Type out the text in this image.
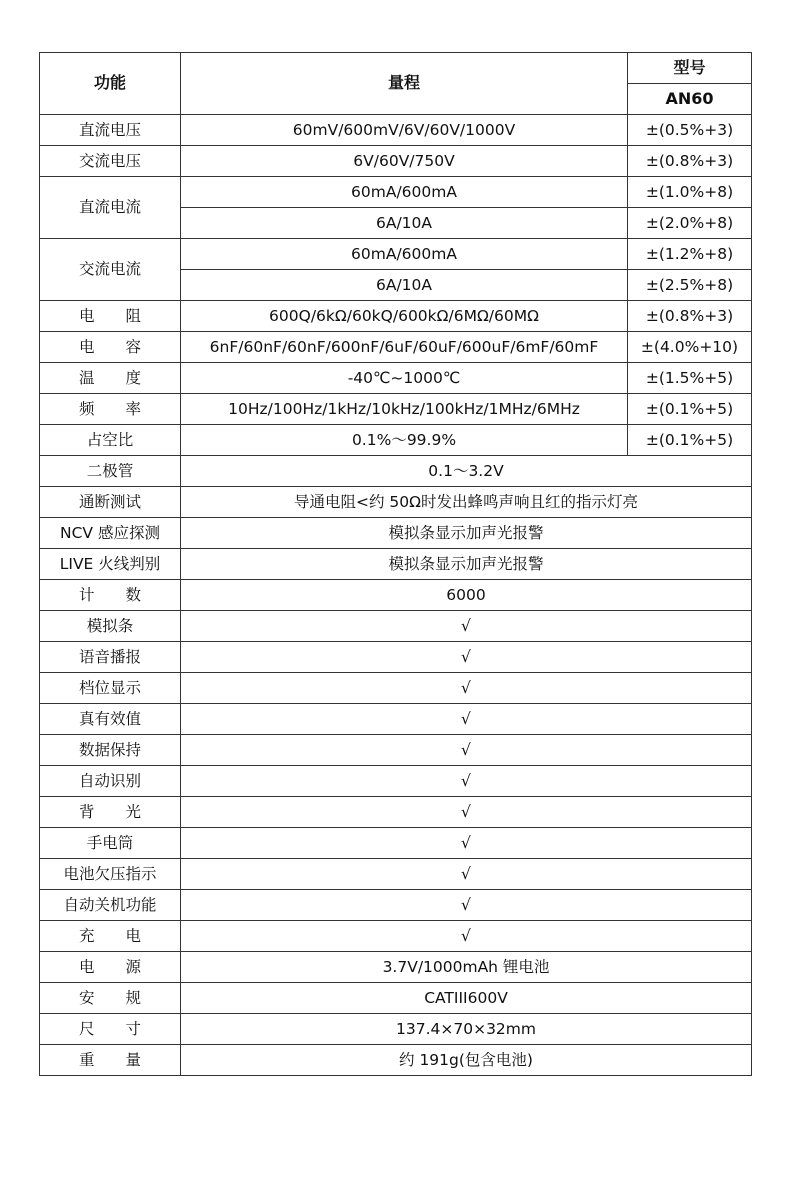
功能	量程	型号
		AN60
直流电压	60mV/600mV/6V/60V/1000V	±(0.5%+3)
交流电压	6V/60V/750V	±(0.8%+3)
直流电流	60mA/600mA	±(1.0%+8)
	6A/10A	±(2.0%+8)
交流电流	60mA/600mA	±(1.2%+8)
	6A/10A	±(2.5%+8)
电　　阻	600Q/6kΩ/60kQ/600kΩ/6MΩ/60MΩ	±(0.8%+3)
电　　容	6nF/60nF/60nF/600nF/6uF/60uF/600uF/6mF/60mF	±(4.0%+10)
温　　度	-40℃~1000℃	±(1.5%+5)
频　　率	10Hz/100Hz/1kHz/10kHz/100kHz/1MHz/6MHz	±(0.1%+5)
占空比	0.1%～99.9%	±(0.1%+5)
二极管	0.1～3.2V	
通断测试	导通电阻<约 50Ω时发出蜂鸣声响且红的指示灯亮	
NCV 感应探测	模拟条显示加声光报警	
LIVE 火线判别	模拟条显示加声光报警	
计　　数	6000	
模拟条	√	
语音播报	√	
档位显示	√	
真有效值	√	
数据保持	√	
自动识别	√	
背　　光	√	
手电筒	√	
电池欠压指示	√	
自动关机功能	√	
充　　电	√	
电　　源	3.7V/1000mAh 锂电池	
安　　规	CATIII600V	
尺　　寸	137.4×70×32mm	
重　　量	约 191g(包含电池)	
